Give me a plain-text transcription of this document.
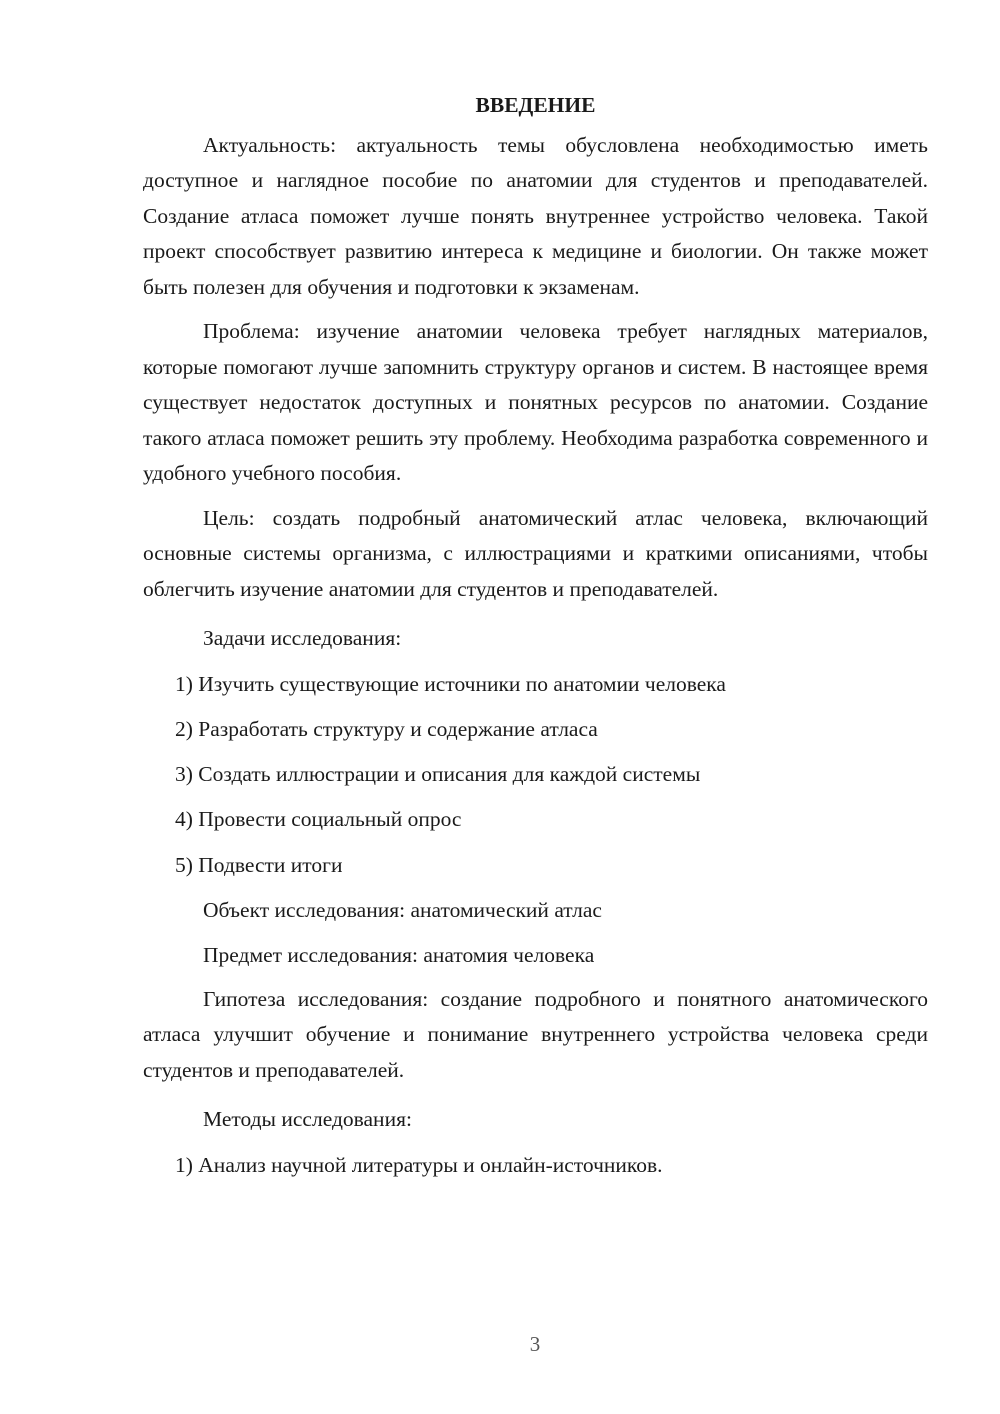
ВВЕДЕНИЕ

Актуальность: актуальность темы обусловлена необходимостью иметь доступное и наглядное пособие по анатомии для студентов и преподавателей. Создание атласа поможет лучше понять внутреннее устройство человека. Такой проект способствует развитию интереса к медицине и биологии. Он также может быть полезен для обучения и подготовки к экзаменам.

Проблема: изучение анатомии человека требует наглядных материалов, которые помогают лучше запомнить структуру органов и систем. В настоящее время существует недостаток доступных и понятных ресурсов по анатомии. Создание такого атласа поможет решить эту проблему. Необходима разработка современного и удобного учебного пособия.

Цель: создать подробный анатомический атлас человека, включающий основные системы организма, с иллюстрациями и краткими описаниями, чтобы облегчить изучение анатомии для студентов и преподавателей.

Задачи исследования:

1) Изучить существующие источники по анатомии человека

2) Разработать структуру и содержание атласа

3) Создать иллюстрации и описания для каждой системы

4) Провести социальный опрос

5) Подвести итоги

Объект исследования: анатомический атлас

Предмет исследования: анатомия человека

Гипотеза исследования: создание подробного и понятного анатомического атласа улучшит обучение и понимание внутреннего устройства человека среди студентов и преподавателей.

Методы исследования:

1) Анализ научной литературы и онлайн-источников.

3
